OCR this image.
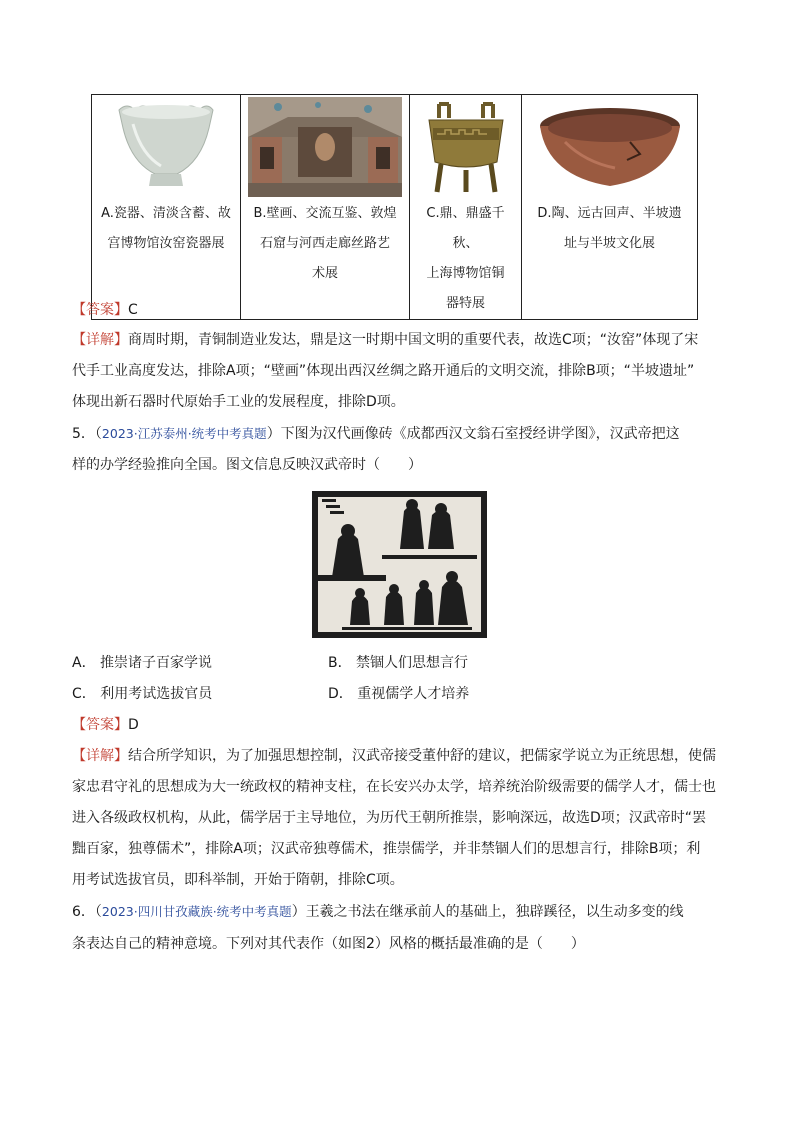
A.瓷器、清淡含蓄、故
宫博物馆汝窑瓷器展

B.壁画、交流互鉴、敦煌
石窟与河西走廊丝路艺
术展

C.鼎、鼎盛千秋、
上海博物馆铜
器特展

D.陶、远古回声、半坡遗
址与半坡文化展
【答案】C
【详解】商周时期，青铜制造业发达，鼎是这一时期中国文明的重要代表，故选C项；“汝窑”体现了宋
代手工业高度发达，排除A项；“壁画”体现出西汉丝绸之路开通后的文明交流，排除B项；“半坡遗址”
体现出新石器时代原始手工业的发展程度，排除D项。
5．（2023·江苏泰州·统考中考真题）下图为汉代画像砖《成都西汉文翁石室授经讲学图》，汉武帝把这
样的办学经验推向全国。图文信息反映汉武帝时（　　）
A． 推崇诸子百家学说	B． 禁锢人们思想言行
C． 利用考试选拔官员	D． 重视儒学人才培养
【答案】D
【详解】结合所学知识，为了加强思想控制，汉武帝接受董仲舒的建议，把儒家学说立为正统思想，使儒
家忠君守礼的思想成为大一统政权的精神支柱，在长安兴办太学，培养统治阶级需要的儒学人才，儒士也
进入各级政权机构，从此，儒学居于主导地位，为历代王朝所推崇，影响深远，故选D项；汉武帝时“罢
黜百家，独尊儒术”，排除A项；汉武帝独尊儒术，推崇儒学，并非禁锢人们的思想言行，排除B项；利
用考试选拔官员，即科举制，开始于隋朝，排除C项。
6．（2023·四川甘孜藏族·统考中考真题）王羲之书法在继承前人的基础上，独辟蹊径，以生动多变的线
条表达自己的精神意境。下列对其代表作（如图2）风格的概括最准确的是（　　）
